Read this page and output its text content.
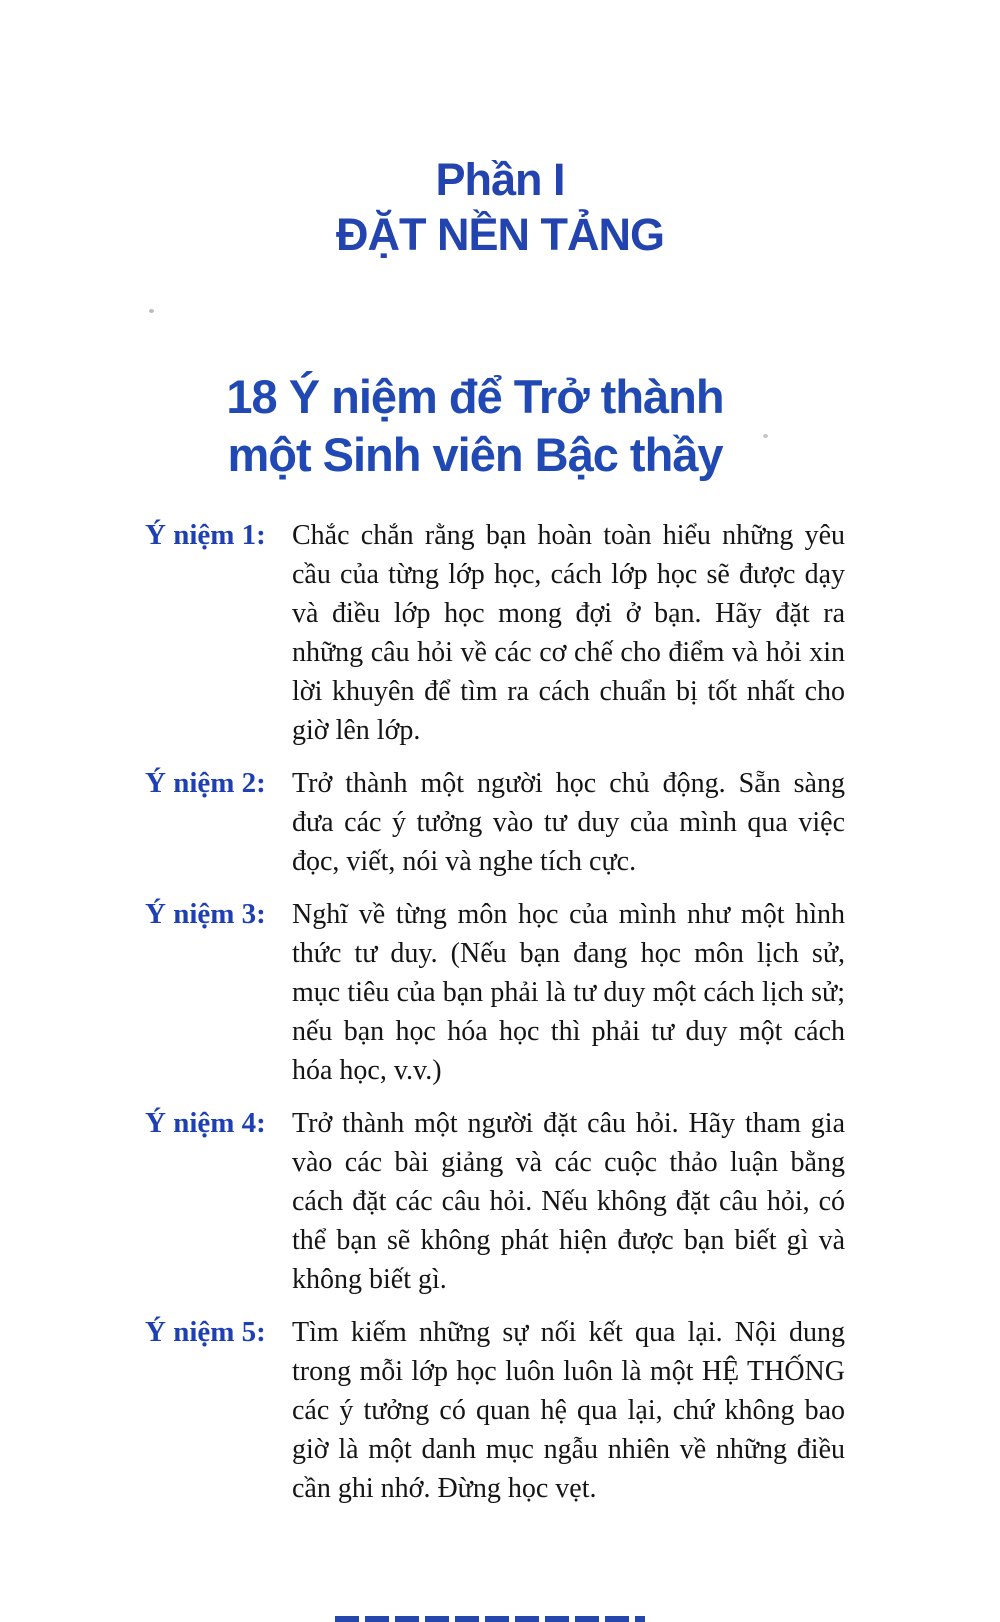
Phần I
ĐẶT NỀN TẢNG
18 Ý niệm để Trở thành
một Sinh viên Bậc thầy
Ý niệm 1: Chắc chắn rằng bạn hoàn toàn hiểu những yêu cầu của từng lớp học, cách lớp học sẽ được dạy và điều lớp học mong đợi ở bạn. Hãy đặt ra những câu hỏi về các cơ chế cho điểm và hỏi xin lời khuyên để tìm ra cách chuẩn bị tốt nhất cho giờ lên lớp.
Ý niệm 2: Trở thành một người học chủ động. Sẵn sàng đưa các ý tưởng vào tư duy của mình qua việc đọc, viết, nói và nghe tích cực.
Ý niệm 3: Nghĩ về từng môn học của mình như một hình thức tư duy. (Nếu bạn đang học môn lịch sử, mục tiêu của bạn phải là tư duy một cách lịch sử; nếu bạn học hóa học thì phải tư duy một cách hóa học, v.v.)
Ý niệm 4: Trở thành một người đặt câu hỏi. Hãy tham gia vào các bài giảng và các cuộc thảo luận bằng cách đặt các câu hỏi. Nếu không đặt câu hỏi, có thể bạn sẽ không phát hiện được bạn biết gì và không biết gì.
Ý niệm 5: Tìm kiếm những sự nối kết qua lại. Nội dung trong mỗi lớp học luôn luôn là một HỆ THỐNG các ý tưởng có quan hệ qua lại, chứ không bao giờ là một danh mục ngẫu nhiên về những điều cần ghi nhớ. Đừng học vẹt.
